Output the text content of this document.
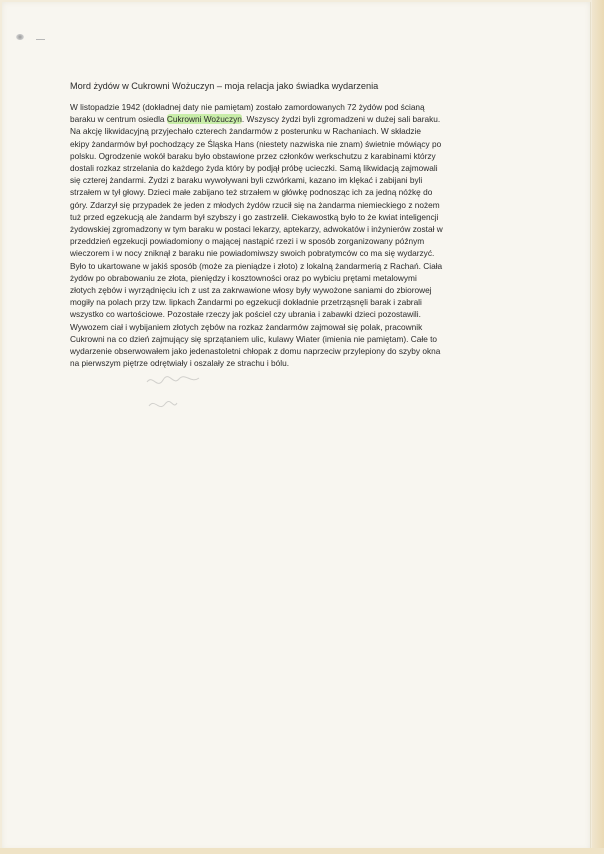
Mord żydów w Cukrowni Wożuczyn – moja relacja jako świadka wydarzenia
W listopadzie 1942 (dokładnej daty nie pamiętam) zostało zamordowanych 72 żydów pod ścianą
baraku w centrum osiedla Cukrowni Wożuczyn. Wszyscy żydzi byli zgromadzeni w dużej sali baraku.
Na akcję likwidacyjną przyjechało czterech żandarmów z posterunku w Rachaniach. W składzie
ekipy żandarmów był pochodzący ze Śląska Hans (niestety nazwiska nie znam) świetnie mówiący po
polsku. Ogrodzenie wokół baraku było obstawione przez członków werkschutzu z karabinami którzy
dostali rozkaz strzelania do każdego żyda który by podjął próbę ucieczki. Samą likwidacją zajmowali
się czterej żandarmi. Żydzi z baraku wywoływani byli czwórkami, kazano im klękać i zabijani byli
strzałem w tył głowy. Dzieci małe zabijano też strzałem w główkę podnosząc ich za jedną nóżkę do
góry. Zdarzył się przypadek że jeden z młodych żydów rzucił się na żandarma niemieckiego z nożem
tuż przed egzekucją ale żandarm był szybszy i go zastrzelił. Ciekawostką było to że kwiat inteligencji
żydowskiej zgromadzony w tym baraku w postaci lekarzy, aptekarzy, adwokatów i inżynierów został w
przeddzień egzekucji powiadomiony o mającej nastąpić rzezi i w sposób zorganizowany późnym
wieczorem i w nocy zniknął z baraku nie powiadomiwszy swoich pobratymców co ma się wydarzyć.
Było to ukartowane w jakiś sposób (może za pieniądze i złoto) z lokalną żandarmerią z Rachań. Ciała
żydów po obrabowaniu ze złota, pieniędzy i kosztowności oraz po wybiciu prętami metalowymi
złotych zębów i wyrządnięciu ich z ust za zakrwawione włosy były wywożone saniami do zbiorowej
mogiły na polach przy tzw. lipkach Żandarmi po egzekucji dokładnie przetrząsnęli barak i zabrali
wszystko co wartościowe. Pozostałe rzeczy jak pościel czy ubrania i zabawki dzieci pozostawili.
Wywozem ciał i wybijaniem złotych zębów na rozkaz żandarmów zajmował się polak, pracownik
Cukrowni na co dzień zajmujący się sprzątaniem ulic, kulawy Wiater (imienia nie pamiętam). Całe to
wydarzenie obserwowałem jako jedenastoletni chłopak z domu naprzeciw przylepiony do szyby okna
na pierwszym piętrze odrętwiały i oszalały ze strachu i bólu.
